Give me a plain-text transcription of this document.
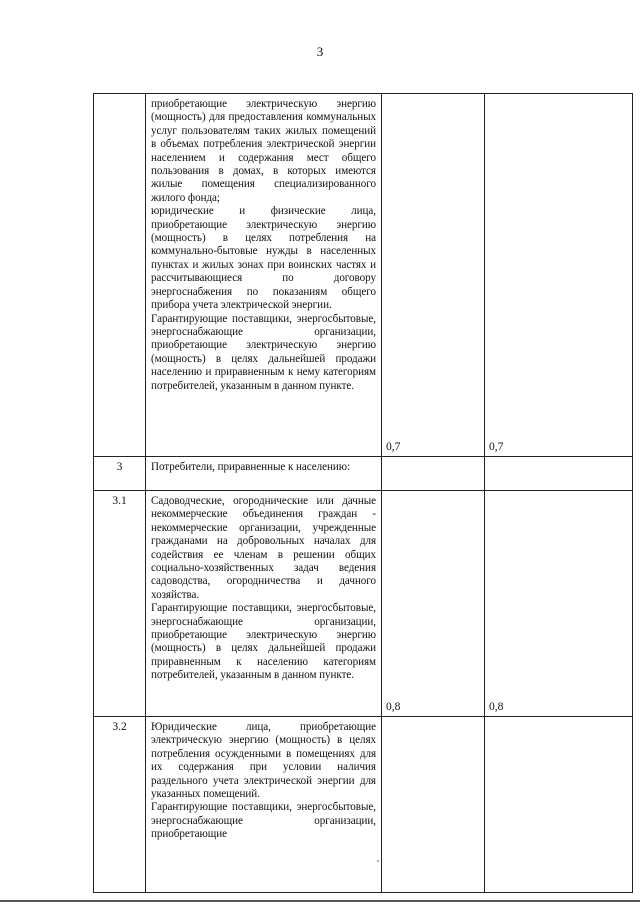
3

	приобретающие электрическую энергию (мощность) для предоставления коммунальных услуг пользователям таких жилых помещений в объемах потребления электрической энергии населением и содержания мест общего пользования в домах, в которых имеются жилые помещения специализированного жилого фонда;

юридические и физические лица, приобретающие электрическую энергию (мощность) в целях потребления на коммунально-бытовые нужды в населенных пунктах и жилых зонах при воинских частях и рассчитывающиеся по договору энергоснабжения по показаниям общего прибора учета электрической энергии.

Гарантирующие поставщики, энергосбытовые, энергоснабжающие организации, приобретающие электрическую энергию (мощность) в целях дальнейшей продажи населению и приравненным к нему категориям потребителей, указанным в данном пункте.	0,7	0,7

3	Потребители, приравненные к населению:		

3.1	Садоводческие, огороднические или дачные некоммерческие объединения граждан - некоммерческие организации, учрежденные гражданами на добровольных началах для содействия ее членам в решении общих социально-хозяйственных задач ведения садоводства, огородничества и дачного хозяйства.

Гарантирующие поставщики, энергосбытовые, энергоснабжающие организации, приобретающие электрическую энергию (мощность) в целях дальнейшей продажи приравненным к населению категориям потребителей, указанным в данном пункте.	0,8	0,8

3.2	Юридические лица, приобретающие электрическую энергию (мощность) в целях потребления осужденными в помещениях для их содержания при условии наличия раздельного учета электрической энергии для указанных помещений.

Гарантирующие поставщики, энергосбытовые, энергоснабжающие организации, приобретающие		
